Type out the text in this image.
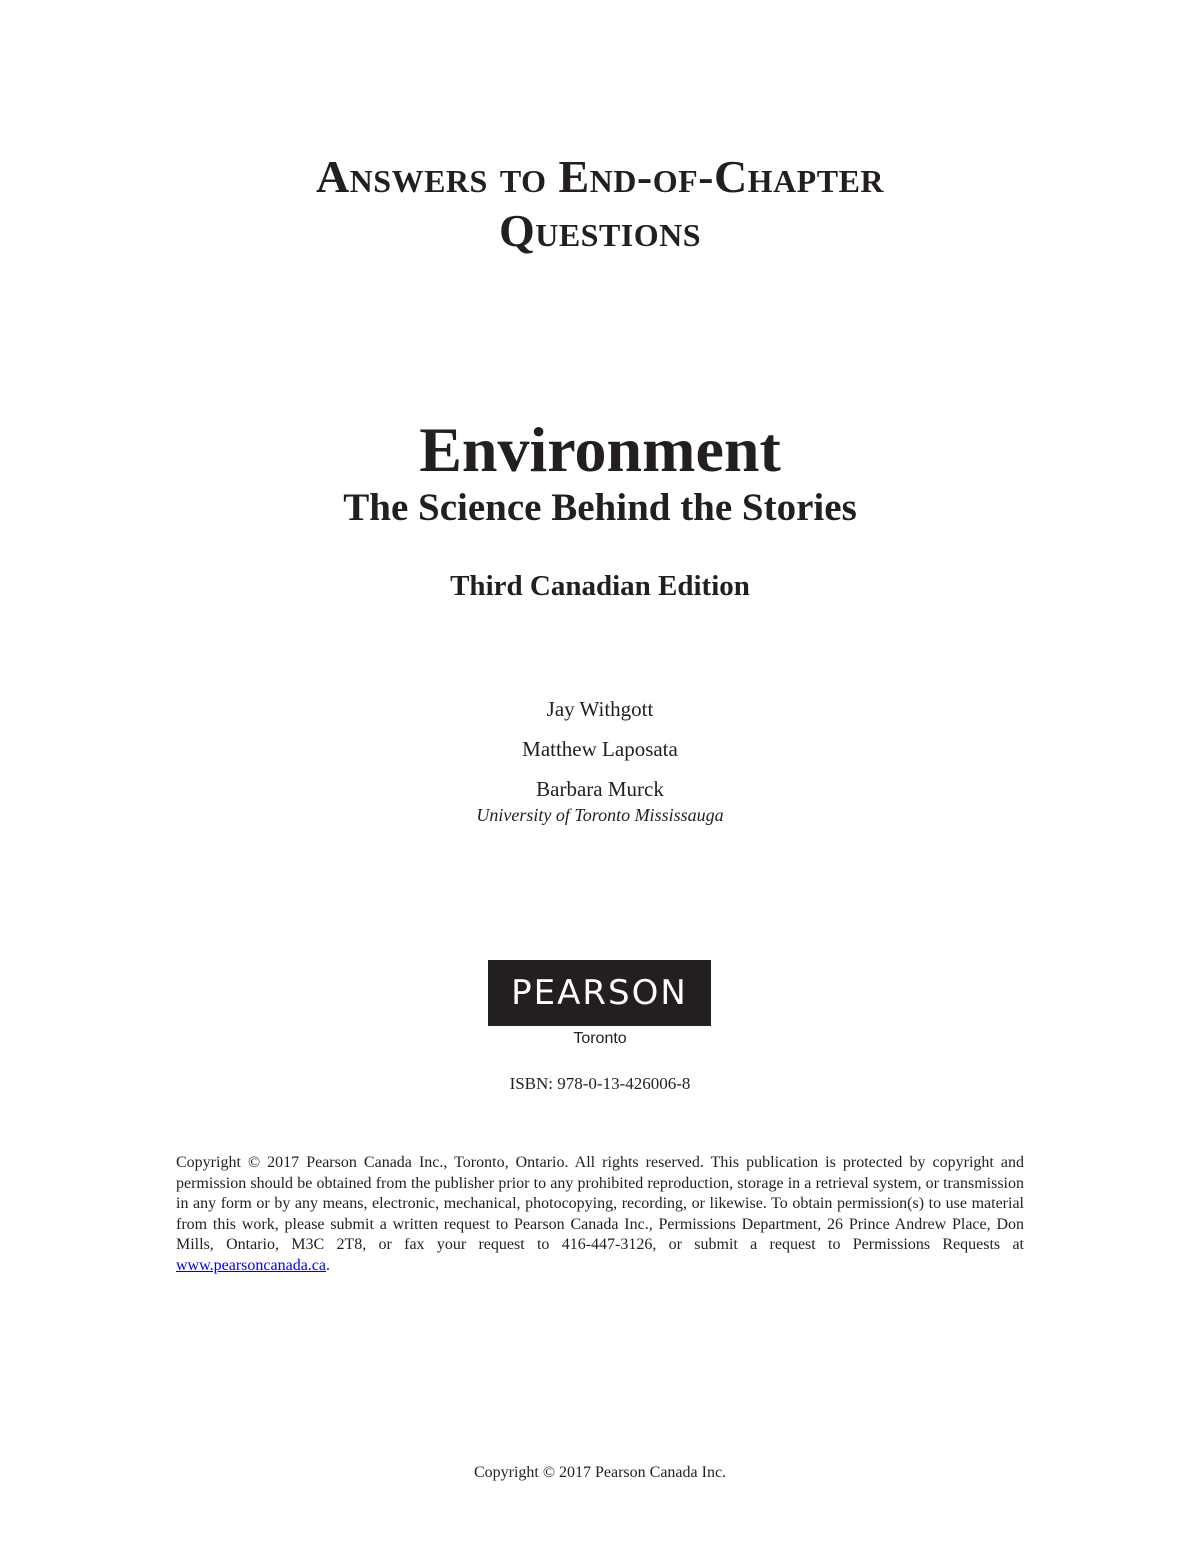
Answers to End-of-Chapter
Questions
Environment
The Science Behind the Stories
Third Canadian Edition
Jay Withgott
Matthew Laposata
Barbara Murck
University of Toronto Mississauga
PEARSON
Toronto
ISBN: 978-0-13-426006-8
Copyright © 2017 Pearson Canada Inc., Toronto, Ontario. All rights reserved. This publication is protected by copyright and permission should be obtained from the publisher prior to any prohibited reproduction, storage in a retrieval system, or transmission in any form or by any means, electronic, mechanical, photocopying, recording, or likewise. To obtain permission(s) to use material from this work, please submit a written request to Pearson Canada Inc., Permissions Department, 26 Prince Andrew Place, Don Mills, Ontario, M3C 2T8, or fax your request to 416-447-3126, or submit a request to Permissions Requests at www.pearsoncanada.ca.
Copyright © 2017 Pearson Canada Inc.
